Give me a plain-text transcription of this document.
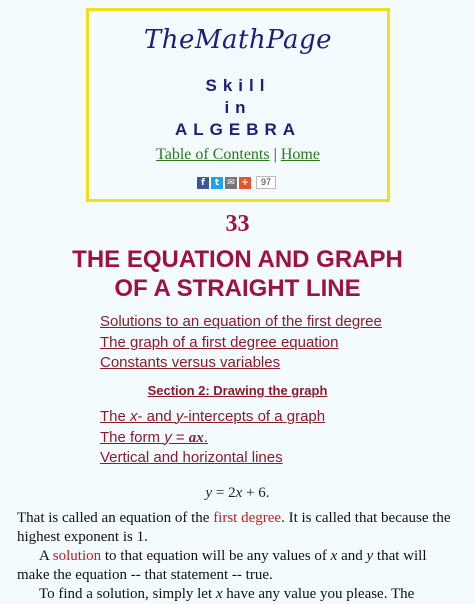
TheMathPage
Skill
in
ALGEBRA
Table of Contents | Home
f	t ✉ +	97
33
THE EQUATION AND GRAPH
OF A STRAIGHT LINE
Solutions to an equation of the first degree
The graph of a first degree equation
Constants versus variables
Section 2: Drawing the graph
The x- and y-intercepts of a graph
The form y = ax.
Vertical and horizontal lines
y = 2x + 6.
That is called an equation of the first degree. It is called that because the highest exponent is 1.
A solution to that equation will be any values of x and y that will make the equation -- that statement -- true.
To find a solution, simply let x have any value you please. The
